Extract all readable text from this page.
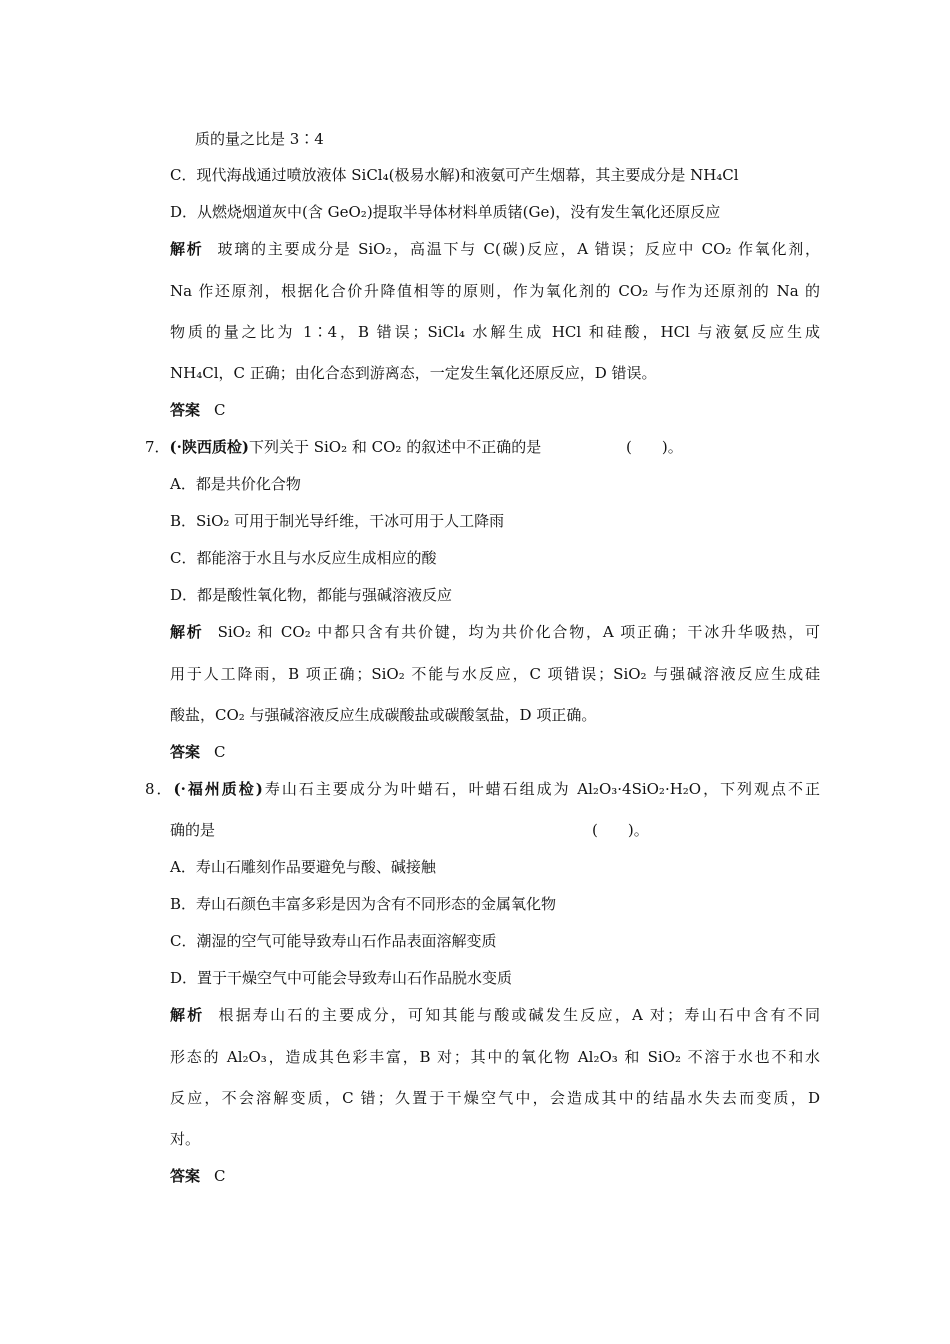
质的量之比是 3∶4
C．现代海战通过喷放液体 SiCl₄(极易水解)和液氨可产生烟幕，其主要成分是 NH₄Cl
D．从燃烧烟道灰中(含 GeO₂)提取半导体材料单质锗(Ge)，没有发生氧化还原反应
解析 玻璃的主要成分是 SiO₂，高温下与 C(碳)反应，A 错误；反应中 CO₂ 作氧化剂，
Na 作还原剂，根据化合价升降值相等的原则，作为氧化剂的 CO₂ 与作为还原剂的 Na 的
物质的量之比为 1∶4，B 错误；SiCl₄ 水解生成 HCl 和硅酸，HCl 与液氨反应生成
NH₄Cl，C 正确；由化合态到游离态，一定发生氧化还原反应，D 错误。
答案 C
7．(·陕西质检)下列关于 SiO₂ 和 CO₂ 的叙述中不正确的是	(　　)。
A．都是共价化合物
B．SiO₂ 可用于制光导纤维，干冰可用于人工降雨
C．都能溶于水且与水反应生成相应的酸
D．都是酸性氧化物，都能与强碱溶液反应
解析 SiO₂ 和 CO₂ 中都只含有共价键，均为共价化合物，A 项正确；干冰升华吸热，可
用于人工降雨，B 项正确；SiO₂ 不能与水反应，C 项错误；SiO₂ 与强碱溶液反应生成硅
酸盐，CO₂ 与强碱溶液反应生成碳酸盐或碳酸氢盐，D 项正确。
答案 C
8．(·福州质检)寿山石主要成分为叶蜡石，叶蜡石组成为 Al₂O₃·4SiO₂·H₂O，下列观点不正
确的是	(　　)。
A．寿山石雕刻作品要避免与酸、碱接触
B．寿山石颜色丰富多彩是因为含有不同形态的金属氧化物
C．潮湿的空气可能导致寿山石作品表面溶解变质
D．置于干燥空气中可能会导致寿山石作品脱水变质
解析 根据寿山石的主要成分，可知其能与酸或碱发生反应，A 对；寿山石中含有不同
形态的 Al₂O₃，造成其色彩丰富，B 对；其中的氧化物 Al₂O₃ 和 SiO₂ 不溶于水也不和水
反应，不会溶解变质，C 错；久置于干燥空气中，会造成其中的结晶水失去而变质，D
对。
答案 C
